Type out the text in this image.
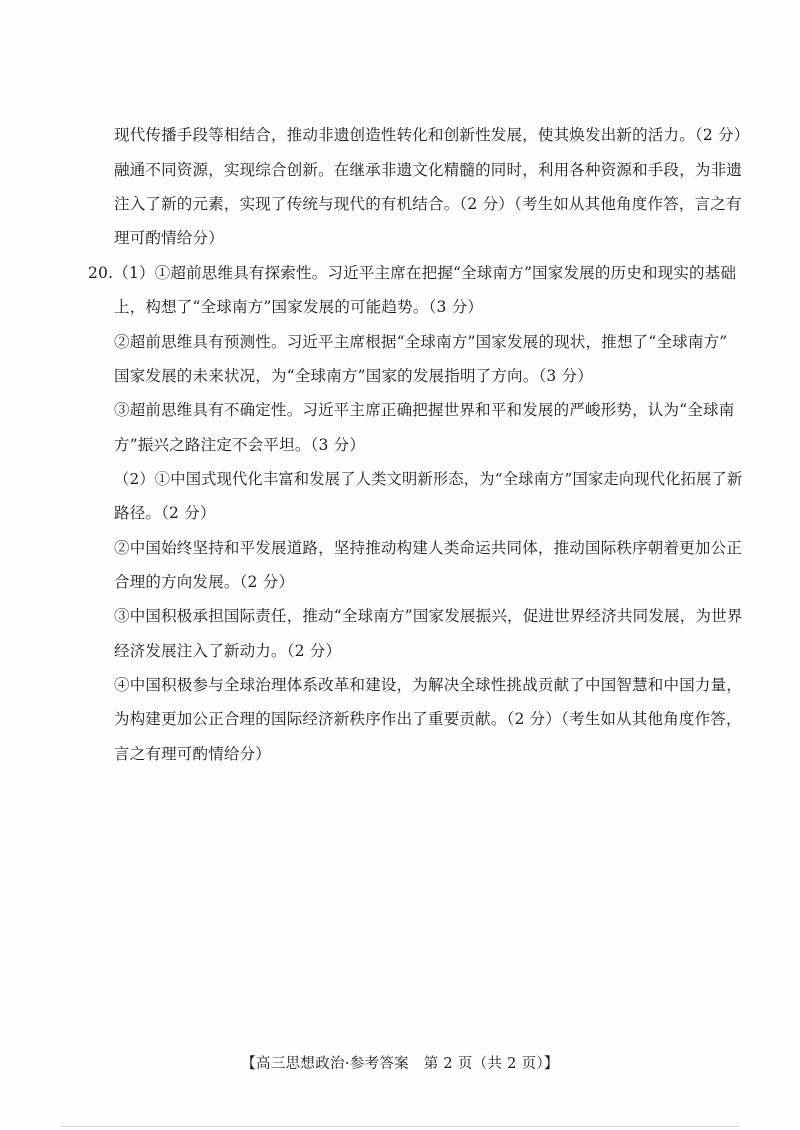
现代传播手段等相结合，推动非遗创造性转化和创新性发展，使其焕发出新的活力。（2 分）
融通不同资源，实现综合创新。在继承非遗文化精髓的同时，利用各种资源和手段，为非遗
注入了新的元素，实现了传统与现代的有机结合。（2 分）（考生如从其他角度作答，言之有
理可酌情给分）
20.（1）①超前思维具有探索性。习近平主席在把握“全球南方”国家发展的历史和现实的基础
上，构想了“全球南方”国家发展的可能趋势。（3 分）
②超前思维具有预测性。习近平主席根据“全球南方”国家发展的现状，推想了“全球南方”
国家发展的未来状况，为“全球南方”国家的发展指明了方向。（3 分）
③超前思维具有不确定性。习近平主席正确把握世界和平和发展的严峻形势，认为“全球南
方”振兴之路注定不会平坦。（3 分）
（2）①中国式现代化丰富和发展了人类文明新形态，为“全球南方”国家走向现代化拓展了新
路径。（2 分）
②中国始终坚持和平发展道路，坚持推动构建人类命运共同体，推动国际秩序朝着更加公正
合理的方向发展。（2 分）
③中国积极承担国际责任，推动“全球南方”国家发展振兴，促进世界经济共同发展，为世界
经济发展注入了新动力。（2 分）
④中国积极参与全球治理体系改革和建设，为解决全球性挑战贡献了中国智慧和中国力量，
为构建更加公正合理的国际经济新秩序作出了重要贡献。（2 分）（考生如从其他角度作答，
言之有理可酌情给分）
【高三思想政治·参考答案　第 2 页（共 2 页）】
